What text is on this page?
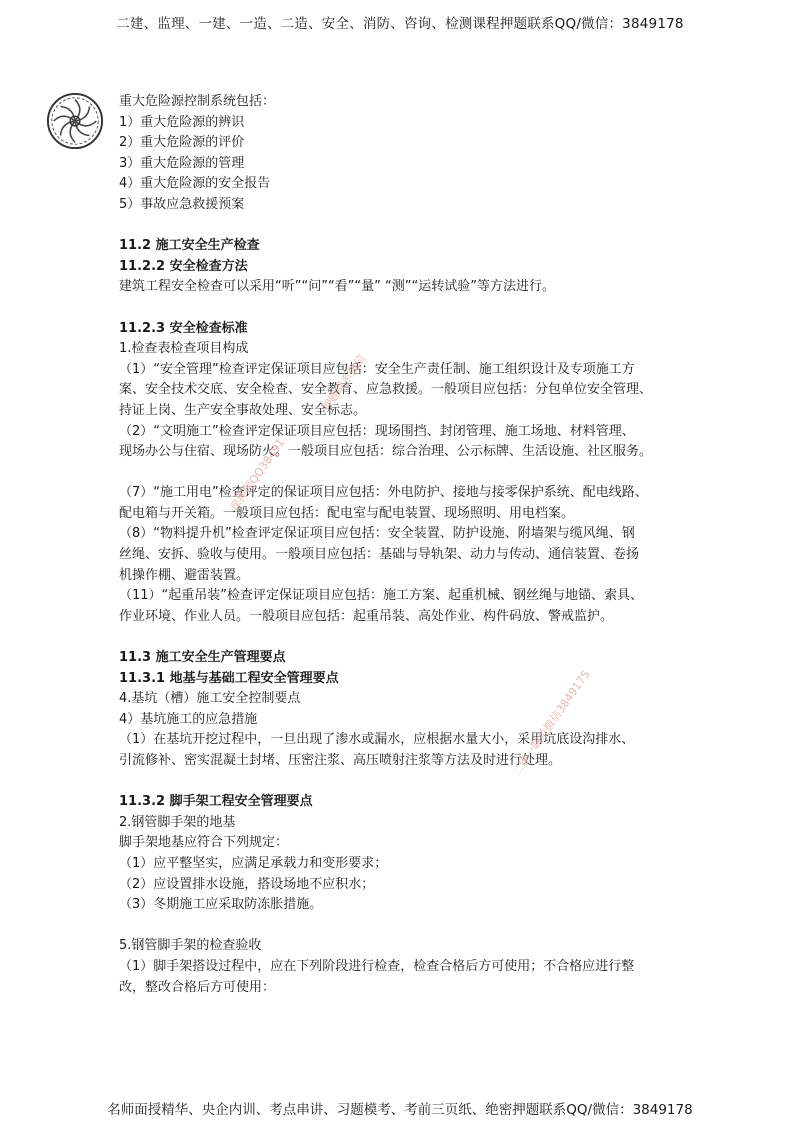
二建、监理、一建、一造、二造、安全、消防、咨询、检测课程押题联系QQ/微信：3849178
重大危险源控制系统包括：
1）重大危险源的辨识
2）重大危险源的评价
3）重大危险源的管理
4）重大危险源的安全报告
5）事故应急救援预案
11.2 施工安全生产检查
11.2.2 安全检查方法
建筑工程安全检查可以采用“听”“问”“看”“量” “测”“运转试验”等方法进行。
11.2.3 安全检查标准
1.检查表检查项目构成
（1）“安全管理”检查评定保证项目应包括：安全生产责任制、施工组织设计及专项施工方
案、安全技术交底、安全检查、安全教育、应急救援。一般项目应包括：分包单位安全管理、
持证上岗、生产安全事故处理、安全标志。
（2）“文明施工”检查评定保证项目应包括：现场围挡、封闭管理、施工场地、材料管理、
现场办公与住宿、现场防火。一般项目应包括：综合治理、公示标牌、生活设施、社区服务。
（7）“施工用电”检查评定的保证项目应包括：外电防护、接地与接零保护系统、配电线路、
配电箱与开关箱。一般项目应包括：配电室与配电装置、现场照明、用电档案。
（8）“物料提升机”检查评定保证项目应包括：安全装置、防护设施、附墙架与缆风绳、钢
丝绳、安拆、验收与使用。一般项目应包括：基础与导轨架、动力与传动、通信装置、卷扬
机操作棚、避雷装置。
（11）“起重吊装”检查评定保证项目应包括：施工方案、起重机械、钢丝绳与地锚、索具、
作业环境、作业人员。一般项目应包括：起重吊装、高处作业、构件码放、警戒监护。
11.3 施工安全生产管理要点
11.3.1 地基与基础工程安全管理要点
4.基坑（槽）施工安全控制要点
4）基坑施工的应急措施
（1）在基坑开挖过程中，一旦出现了渗水或漏水，应根据水量大小，采用坑底设沟排水、
引流修补、密实混凝土封堵、压密注浆、高压喷射注浆等方法及时进行处理。
11.3.2 脚手架工程安全管理要点
2.钢管脚手架的地基
脚手架地基应符合下列规定：
（1）应平整坚实，应满足承载力和变形要求；
（2）应设置排水设施，搭设场地不应积水；
（3）冬期施工应采取防冻胀措施。
5.钢管脚手架的检查验收
（1）脚手架搭设过程中，应在下列阶段进行检查，检查合格后方可使用；不合格应进行整
改，整改合格后方可使用：
课押题QQ38491
押题联系微信
二建一联系微信384917S
名师面授精华、央企内训、考点串讲、习题模考、考前三页纸、绝密押题联系QQ/微信：3849178
